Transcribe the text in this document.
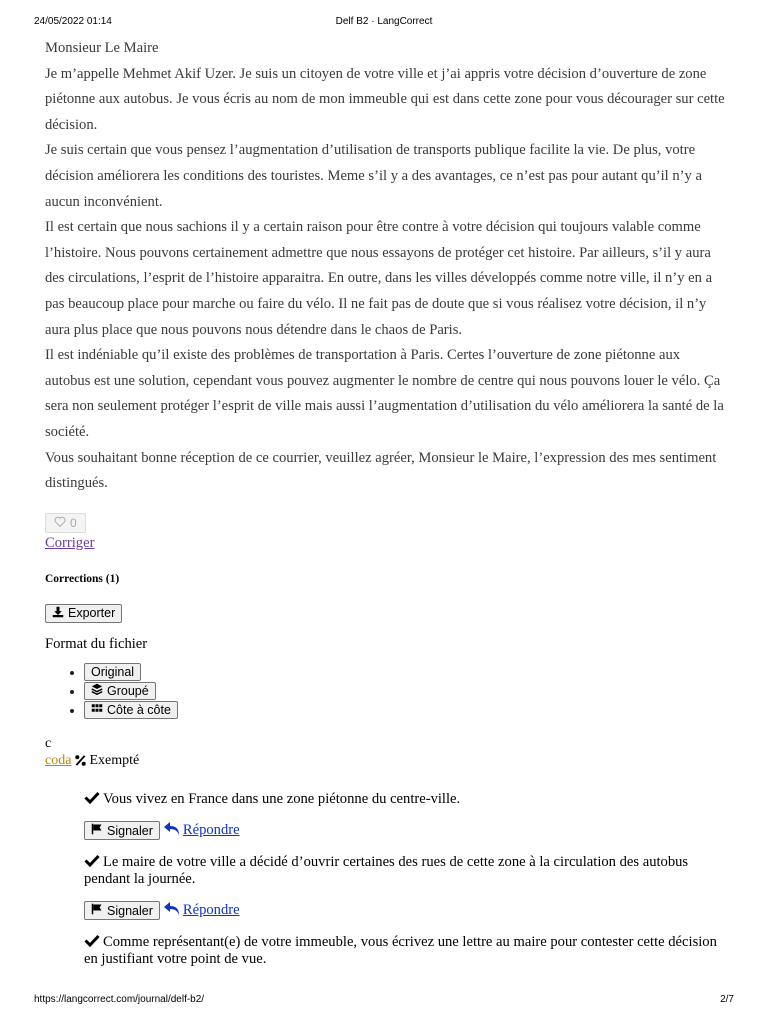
24/05/2022 01:14	Delf B2 · LangCorrect

Monsieur Le Maire

Je m’appelle Mehmet Akif Uzer. Je suis un citoyen de votre ville et j’ai appris votre décision d’ouverture de zone piétonne aux autobus. Je vous écris au nom de mon immeuble qui est dans cette zone pour vous décourager sur cette décision.

Je suis certain que vous pensez l’augmentation d’utilisation de transports publique facilite la vie. De plus, votre décision améliorera les conditions des touristes. Meme s’il y a des avantages, ce n’est pas pour autant qu’il n’y a aucun inconvénient.

Il est certain que nous sachions il y a certain raison pour être contre à votre décision qui toujours valable comme l’histoire. Nous pouvons certainement admettre que nous essayons de protéger cet histoire. Par ailleurs, s’il y aura des circulations, l’esprit de l’histoire apparaitra. En outre, dans les villes développés comme notre ville, il n’y en a pas beaucoup place pour marche ou faire du vélo. Il ne fait pas de doute que si vous réalisez votre décision, il n’y aura plus place que nous pouvons nous détendre dans le chaos de Paris.

Il est indéniable qu’il existe des problèmes de transportation à Paris. Certes l’ouverture de zone piétonne aux autobus est une solution, cependant vous pouvez augmenter le nombre de centre qui nous pouvons louer le vélo. Ça sera non seulement protéger l’esprit de ville mais aussi l’augmentation d’utilisation du vélo améliorera la santé de la société.

Vous souhaitant bonne réception de ce courrier, veuillez agréer, Monsieur le Maire, l’expression des mes sentiment distingués.

0
Corriger
Corrections (1)
Exporter
Format du fichier
• Original
• Groupé
• Côte à côte
c
coda Exempté
Vous vivez en France dans une zone piétonne du centre-ville.
Signaler Répondre
Le maire de votre ville a décidé d’ouvrir certaines des rues de cette zone à la circulation des autobus pendant la journée.
Signaler Répondre
Comme représentant(e) de votre immeuble, vous écrivez une lettre au maire pour contester cette décision en justifiant votre point de vue.
https://langcorrect.com/journal/delf-b2/	2/7
